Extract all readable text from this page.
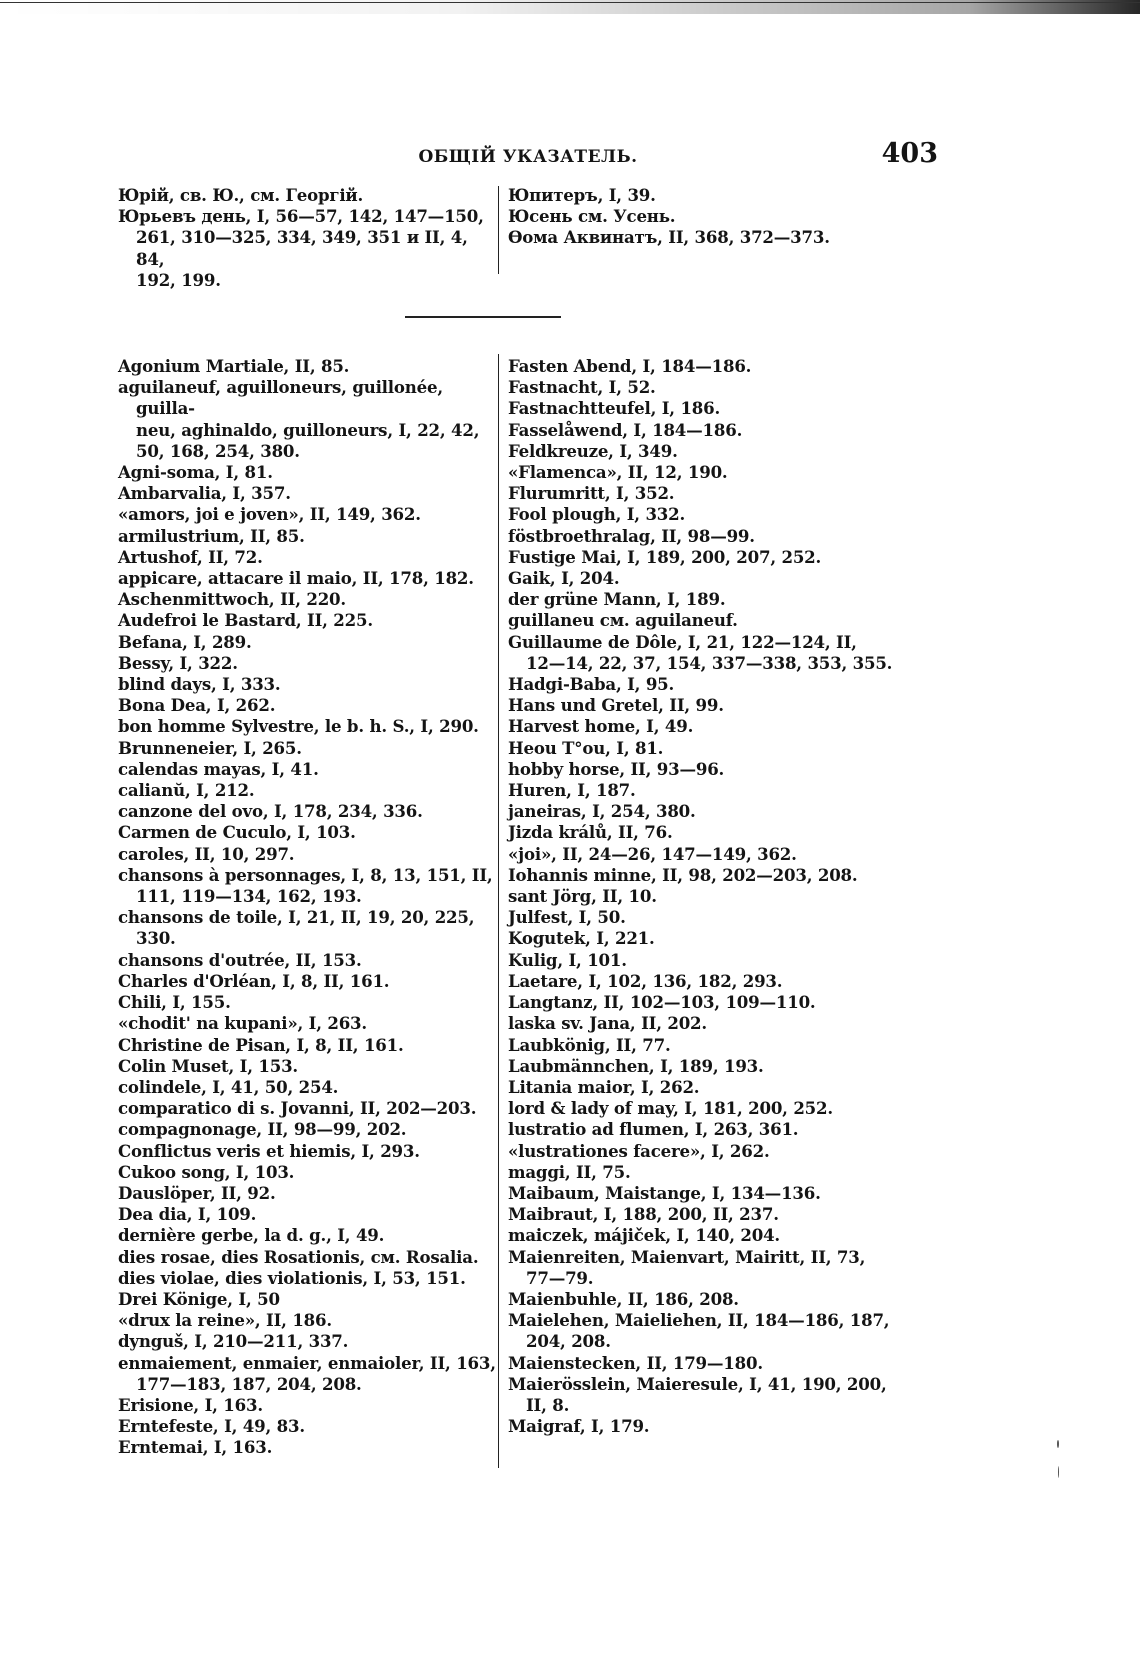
ОБЩІЙ УКАЗАТЕЛЬ.	403

Юрій, св. Ю., см. Георгій.

Юрьевъ день, I, 56—57, 142, 147—150,
261, 310—325, 334, 349, 351 и II, 4, 84,
192, 199.

Юпитеръ, I, 39.

Юсень см. Усень.

Ѳома Аквинатъ, II, 368, 372—373.

Agonium Martiale, II, 85.

aguilaneuf, aguilloneurs, guillonée, guilla-
neu, aghinaldo, guilloneurs, I, 22, 42,
50, 168, 254, 380.

Agni-soma, I, 81.

Ambarvalia, I, 357.

«amors, joi e joven», II, 149, 362.

armilustrium, II, 85.

Artushof, II, 72.

appicare, attacare il maio, II, 178, 182.

Aschenmittwoch, II, 220.

Audefroi le Bastard, II, 225.

Befana, I, 289.

Bessy, I, 322.

blind days, I, 333.

Bona Dea, I, 262.

bon homme Sylvestre, le b. h. S., I, 290.

Brunneneier, I, 265.

calendas mayas, I, 41.

calianŭ, I, 212.

canzone del ovo, I, 178, 234, 336.

Carmen de Cuculo, I, 103.

caroles, II, 10, 297.

chansons à personnages, I, 8, 13, 151, II,
111, 119—134, 162, 193.

chansons de toile, I, 21, II, 19, 20, 225,
330.

chansons d'outrée, II, 153.

Charles d'Orléan, I, 8, II, 161.

Chili, I, 155.

«chodit' na kupani», I, 263.

Christine de Pisan, I, 8, II, 161.

Colin Muset, I, 153.

colindele, I, 41, 50, 254.

comparatico di s. Jovanni, II, 202—203.

compagnonage, II, 98—99, 202.

Conflictus veris et hiemis, I, 293.

Cukoo song, I, 103.

Dauslöper, II, 92.

Dea dia, I, 109.

dernière gerbe, la d. g., I, 49.

dies rosae, dies Rosationis, см. Rosalia.

dies violae, dies violationis, I, 53, 151.

Drei Könige, I, 50

«drux la reine», II, 186.

dynguš, I, 210—211, 337.

enmaiement, enmaier, enmaioler, II, 163,
177—183, 187, 204, 208.

Erisione, I, 163.

Erntefeste, I, 49, 83.

Erntemai, I, 163.

Fasten Abend, I, 184—186.

Fastnacht, I, 52.

Fastnachtteufel, I, 186.

Fasselåwend, I, 184—186.

Feldkreuze, I, 349.

«Flamenca», II, 12, 190.

Flurumritt, I, 352.

Fool plough, I, 332.

föstbroethralag, II, 98—99.

Fustige Mai, I, 189, 200, 207, 252.

Gaik, I, 204.

der grüne Mann, I, 189.

guillaneu см. aguilaneuf.

Guillaume de Dôle, I, 21, 122—124, II,
12—14, 22, 37, 154, 337—338, 353, 355.

Hadgi-Baba, I, 95.

Hans und Gretel, II, 99.

Harvest home, I, 49.

Heou T°ou, I, 81.

hobby horse, II, 93—96.

Huren, I, 187.

janeiras, I, 254, 380.

Jizda králů, II, 76.

«joi», II, 24—26, 147—149, 362.

Iohannis minne, II, 98, 202—203, 208.

sant Jörg, II, 10.

Julfest, I, 50.

Kogutek, I, 221.

Kulig, I, 101.

Laetare, I, 102, 136, 182, 293.

Langtanz, II, 102—103, 109—110.

laska sv. Jana, II, 202.

Laubkönig, II, 77.

Laubmännchen, I, 189, 193.

Litania maior, I, 262.

lord & lady of may, I, 181, 200, 252.

lustratio ad flumen, I, 263, 361.

«lustrationes facere», I, 262.

maggi, II, 75.

Maibaum, Maistange, I, 134—136.

Maibraut, I, 188, 200, II, 237.

maiczek, májiček, I, 140, 204.

Maienreiten, Maienvart, Mairitt, II, 73,
77—79.

Maienbuhle, II, 186, 208.

Maielehen, Maieliehen, II, 184—186, 187,
204, 208.

Maienstecken, II, 179—180.

Maierösslein, Maieresule, I, 41, 190, 200,
II, 8.

Maigraf, I, 179.
